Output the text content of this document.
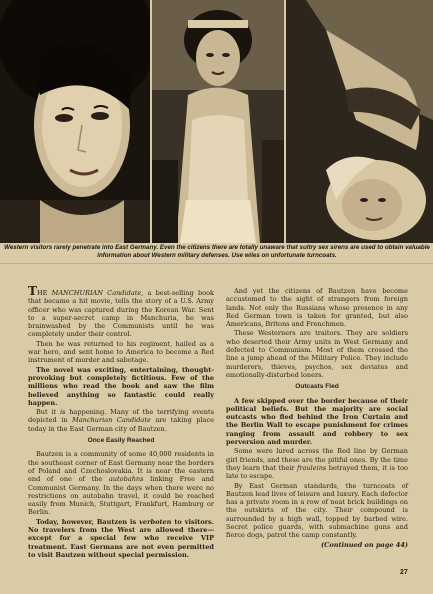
Western visitors rarely penetrate into East Germany. Even the citizens there are totally unaware that sultry sex sirens are used to obtain valuable information about Western military defenses. Use wiles on unfortunate turncoats.

THE MANCHURIAN Candidate, a best-selling book that became a hit movie, tells the story of a U.S. Army officer who was captured during the Korean War. Sent to a super-secret camp in Manchuria, he was brainwashed by the Communists until he was completely under their control.

Then he was returned to his regiment, hailed as a war hero, and sent home to America to become a Red instrument of murder and sabotage.

The novel was exciting, entertaining, thought-provoking but completely fictitious. Few of the millions who read the book and saw the film believed anything so fantastic could really happen.

But it is happening. Many of the terrifying events depicted in Manchurian Candidate are taking place today in the East German city of Bautzen.

Once Easily Reached

Bautzen is a community of some 40,000 residents in the southeast corner of East Germany near the borders of Poland and Czechoslovakia. It is near the eastern end of one of the autobahns linking Free and Communist Germany. In the days when there were no restrictions on autobahn travel, it could be reached easily from Munich, Stuttgart, Frankfurt, Hamburg or Berlin.

Today, however, Bautzen is verboten to visitors. No travelers from the West are allowed there—except for a special few who receive VIP treatment. East Germans are not even permitted to visit Bautzen without special permission.

And yet the citizens of Bautzen have become accustomed to the sight of strangers from foreign lands. Not only the Russians whose presence in any Red German town is taken for granted, but also Americans, Britons and Frenchmen.

These Westerners are traitors. They are soldiers who deserted their Army units in West Germany and defected to Communism. Most of them crossed the line a jump ahead of the Military Police. They include murderers, thieves, psychos, sex deviates and emotionally-disturbed loners.

Outcasts Fled

A few skipped over the border because of their political beliefs. But the majority are social outcasts who fled behind the Iron Curtain and the Berlin Wall to escape punishment for crimes ranging from assault and robbery to sex perversion and murder.

Some were lured across the Red line by German girl friends, and these are the pitiful ones. By the time they learn that their frauleins betrayed them, it is too late to escape.

By East German standards, the turncoats of Bautzen lead lives of leisure and luxury. Each defector has a private room in a row of neat brick buildings on the outskirts of the city. Their compound is surrounded by a high wall, topped by barbed wire. Secret police guards, with submachine guns and fierce dogs, patrol the camp constantly.

(Continued on page 44)

27
